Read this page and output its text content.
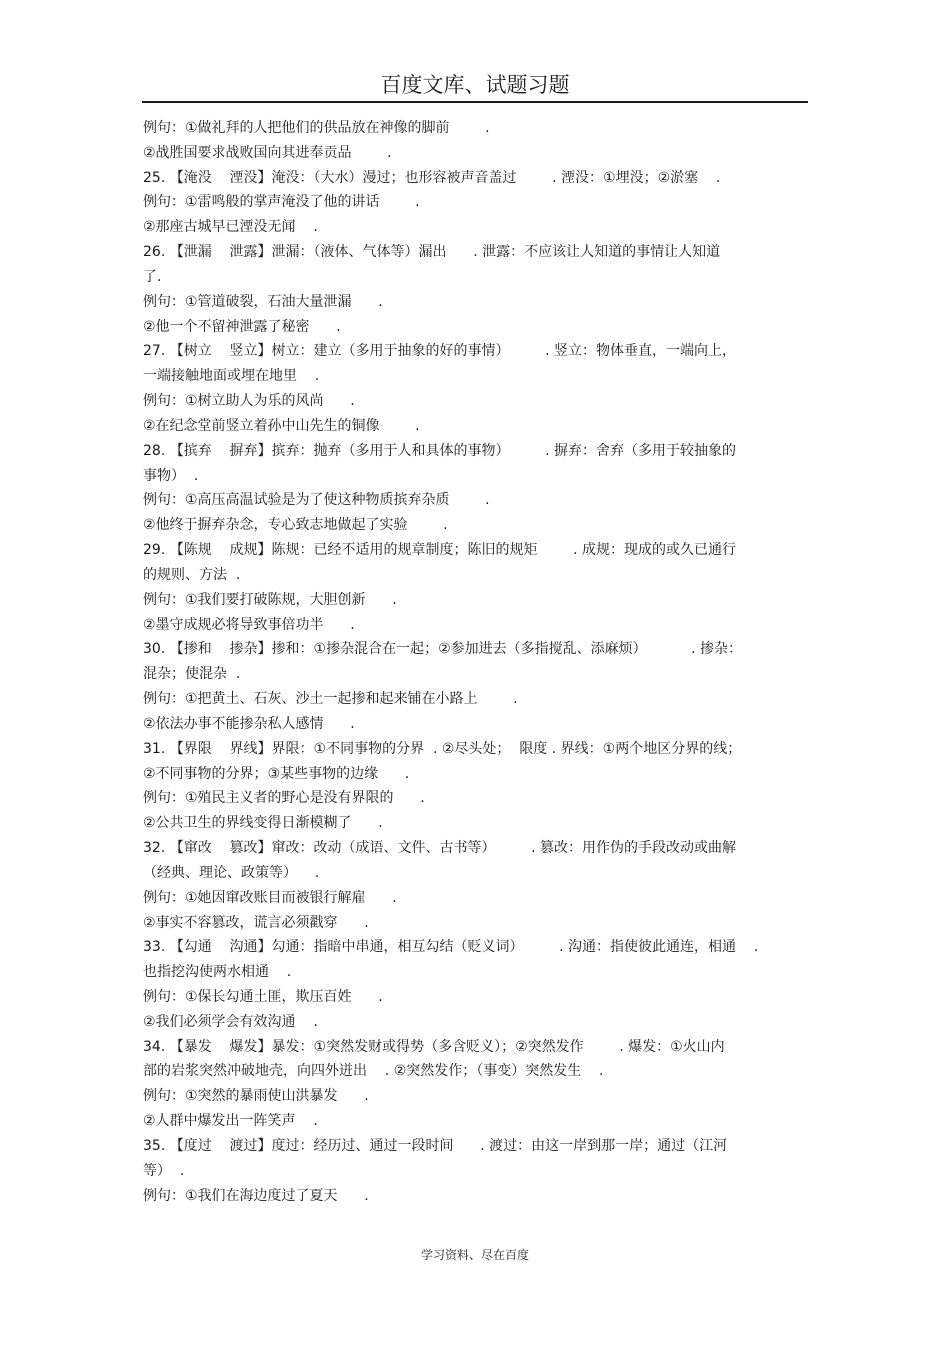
百度文库、试题习题
例句：①做礼拜的人把他们的供品放在神像的脚前        .
②战胜国要求战败国向其进奉贡品        .
25. 【淹没    湮没】淹没：（大水）漫过；也形容被声音盖过        . 湮没：①埋没；②淤塞    .
例句：①雷鸣般的掌声淹没了他的讲话        .
②那座古城早已湮没无闻    .
26. 【泄漏    泄露】泄漏：（液体、气体等）漏出      . 泄露：不应该让人知道的事情让人知道
了.
例句：①管道破裂，石油大量泄漏      .
②他一个不留神泄露了秘密      .
27. 【树立    竖立】树立：建立（多用于抽象的好的事情）        . 竖立：物体垂直，一端向上，
一端接触地面或埋在地里    .
例句：①树立助人为乐的风尚      .
②在纪念堂前竖立着孙中山先生的铜像        .
28. 【摈弃    摒弃】摈弃：抛弃（多用于人和具体的事物）        . 摒弃：舍弃（多用于较抽象的
事物）  .
例句：①高压高温试验是为了使这种物质摈弃杂质        .
②他终于摒弃杂念，专心致志地做起了实验        .
29. 【陈规    成规】陈规：已经不适用的规章制度；陈旧的规矩        . 成规：现成的或久已通行
的规则、方法  .
例句：①我们要打破陈规，大胆创新      .
②墨守成规必将导致事倍功半      .
30. 【掺和    掺杂】掺和：①掺杂混合在一起；②参加进去（多指搅乱、添麻烦）          . 掺杂：
混杂；使混杂  .
例句：①把黄土、石灰、沙土一起掺和起来铺在小路上        .
②依法办事不能掺杂私人感情      .
31. 【界限    界线】界限：①不同事物的分界  . ②尽头处；  限度 . 界线：①两个地区分界的线；
②不同事物的分界；③某些事物的边缘      .
例句：①殖民主义者的野心是没有界限的      .
②公共卫生的界线变得日渐模糊了      .
32. 【窜改    篡改】窜改：改动（成语、文件、古书等）        . 篡改：用作伪的手段改动或曲解
（经典、理论、政策等）    .
例句：①她因窜改账目而被银行解雇      .
②事实不容篡改，谎言必须戳穿      .
33. 【勾通    沟通】勾通：指暗中串通，相互勾结（贬义词）        . 沟通：指使彼此通连，相通    .
也指挖沟使两水相通    .
例句：①保长勾通土匪，欺压百姓      .
②我们必须学会有效沟通    .
34. 【暴发    爆发】暴发：①突然发财或得势（多含贬义）；②突然发作        . 爆发：①火山内
部的岩浆突然冲破地壳，向四外迸出    . ②突然发作；（事变）突然发生    .
例句：①突然的暴雨使山洪暴发      .
②人群中爆发出一阵笑声    .
35. 【度过    渡过】度过：经历过、通过一段时间      . 渡过：由这一岸到那一岸；通过（江河
等）  .
例句：①我们在海边度过了夏天      .
学习资料、尽在百度
